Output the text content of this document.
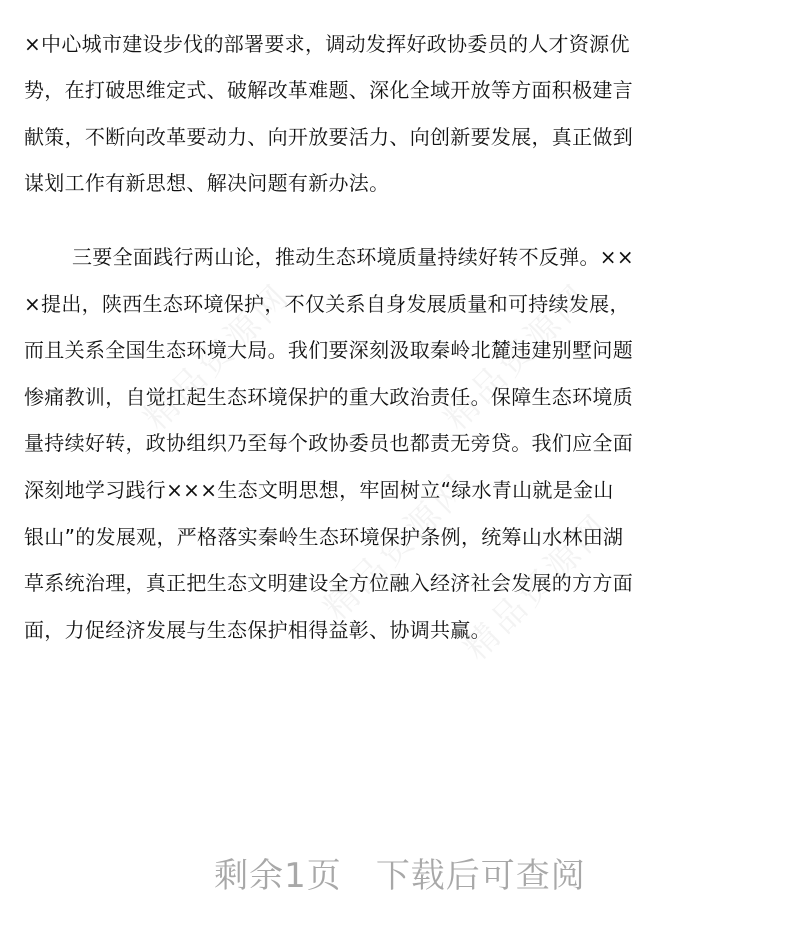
精品资源网
精品资源网
精品资源网
精品资源网
×中心城市建设步伐的部署要求，调动发挥好政协委员的人才资源优
势，在打破思维定式、破解改革难题、深化全域开放等方面积极建言
献策，不断向改革要动力、向开放要活力、向创新要发展，真正做到
谋划工作有新思想、解决问题有新办法。
三要全面践行两山论，推动生态环境质量持续好转不反弹。××
×提出，陕西生态环境保护，不仅关系自身发展质量和可持续发展，
而且关系全国生态环境大局。我们要深刻汲取秦岭北麓违建别墅问题
惨痛教训，自觉扛起生态环境保护的重大政治责任。保障生态环境质
量持续好转，政协组织乃至每个政协委员也都责无旁贷。我们应全面
深刻地学习践行×××生态文明思想，牢固树立“绿水青山就是金山
银山”的发展观，严格落实秦岭生态环境保护条例，统筹山水林田湖
草系统治理，真正把生态文明建设全方位融入经济社会发展的方方面
面，力促经济发展与生态保护相得益彰、协调共赢。
剩余1页 下载后可查阅
